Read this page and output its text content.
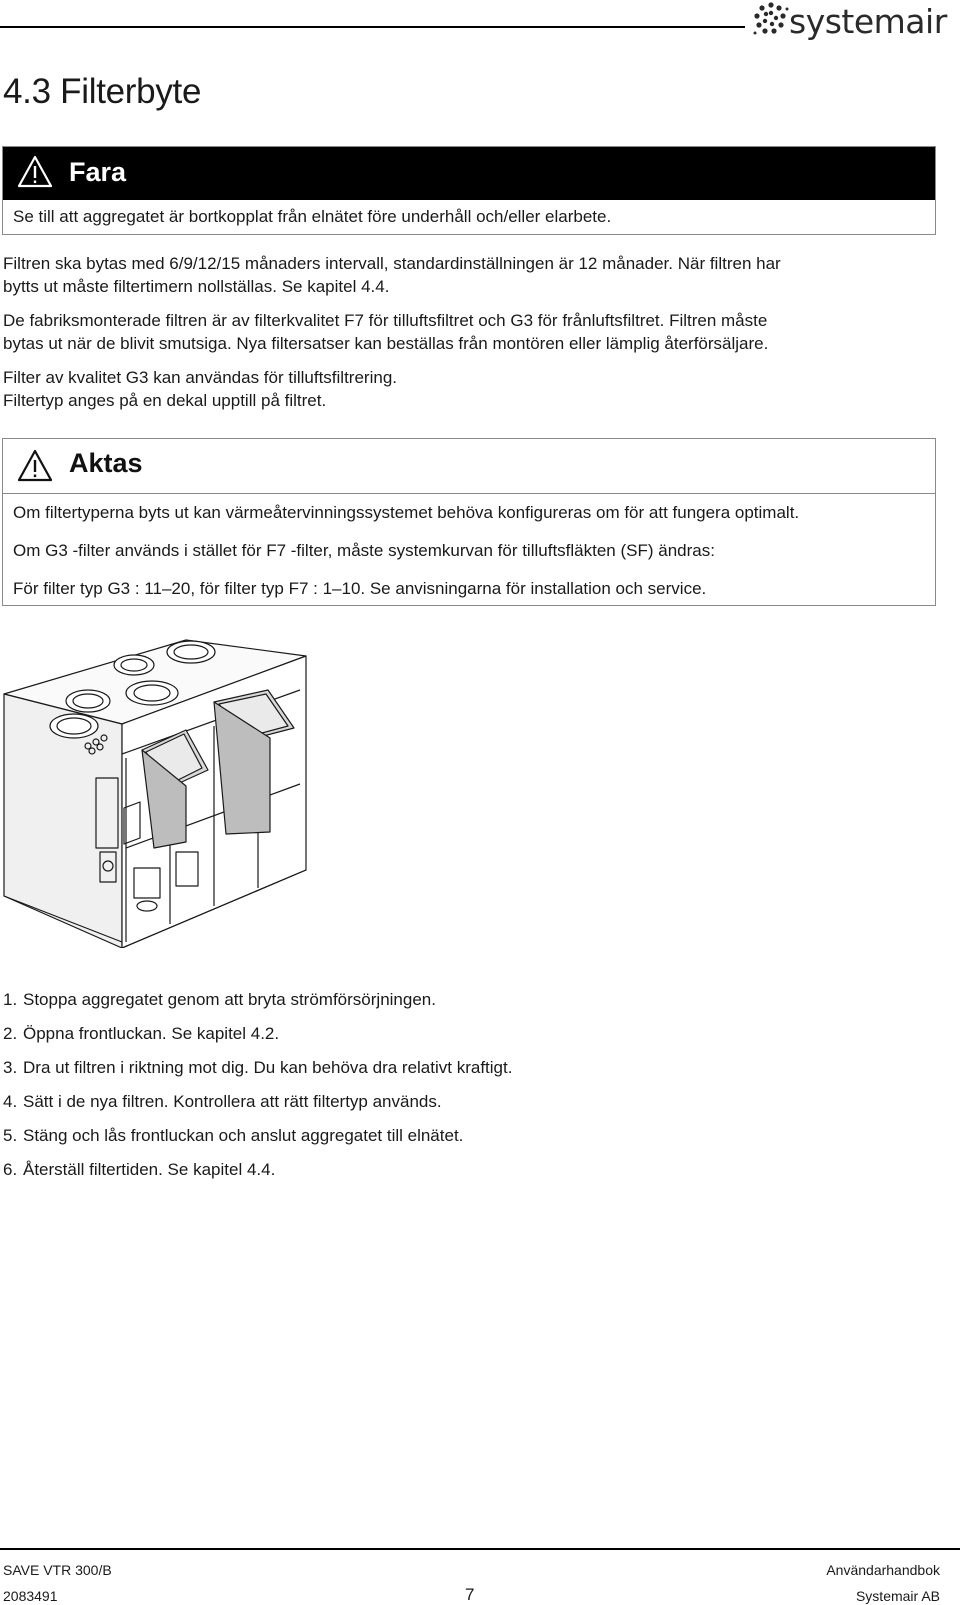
systemair
4.3 Filterbyte
Fara
Se till att aggregatet är bortkopplat från elnätet före underhåll och/eller elarbete.
Filtren ska bytas med 6/9/12/15 månaders intervall, standardinställningen är 12 månader. När filtren har
bytts ut måste filtertimern nollställas. Se kapitel 4.4.
De fabriksmonterade filtren är av filterkvalitet F7 för tilluftsfiltret och G3 för frånluftsfiltret. Filtren måste
bytas ut när de blivit smutsiga. Nya filtersatser kan beställas från montören eller lämplig återförsäljare.
Filter av kvalitet G3 kan användas för tilluftsfiltrering.
Filtertyp anges på en dekal upptill på filtret.
Aktas
Om filtertyperna byts ut kan värmeåtervinningssystemet behöva konfigureras om för att fungera optimalt.
Om G3 -filter används i stället för F7 -filter, måste systemkurvan för tilluftsfläkten (SF) ändras:
För filter typ G3 : 11–20, för filter typ F7 : 1–10. Se anvisningarna för installation och service.
1. Stoppa aggregatet genom att bryta strömförsörjningen.
2. Öppna frontluckan. Se kapitel 4.2.
3. Dra ut filtren i riktning mot dig. Du kan behöva dra relativt kraftigt.
4. Sätt i de nya filtren. Kontrollera att rätt filtertyp används.
5. Stäng och lås frontluckan och anslut aggregatet till elnätet.
6. Återställ filtertiden. Se kapitel 4.4.
SAVE VTR 300/B
2083491	7
Användarhandbok
Systemair AB
